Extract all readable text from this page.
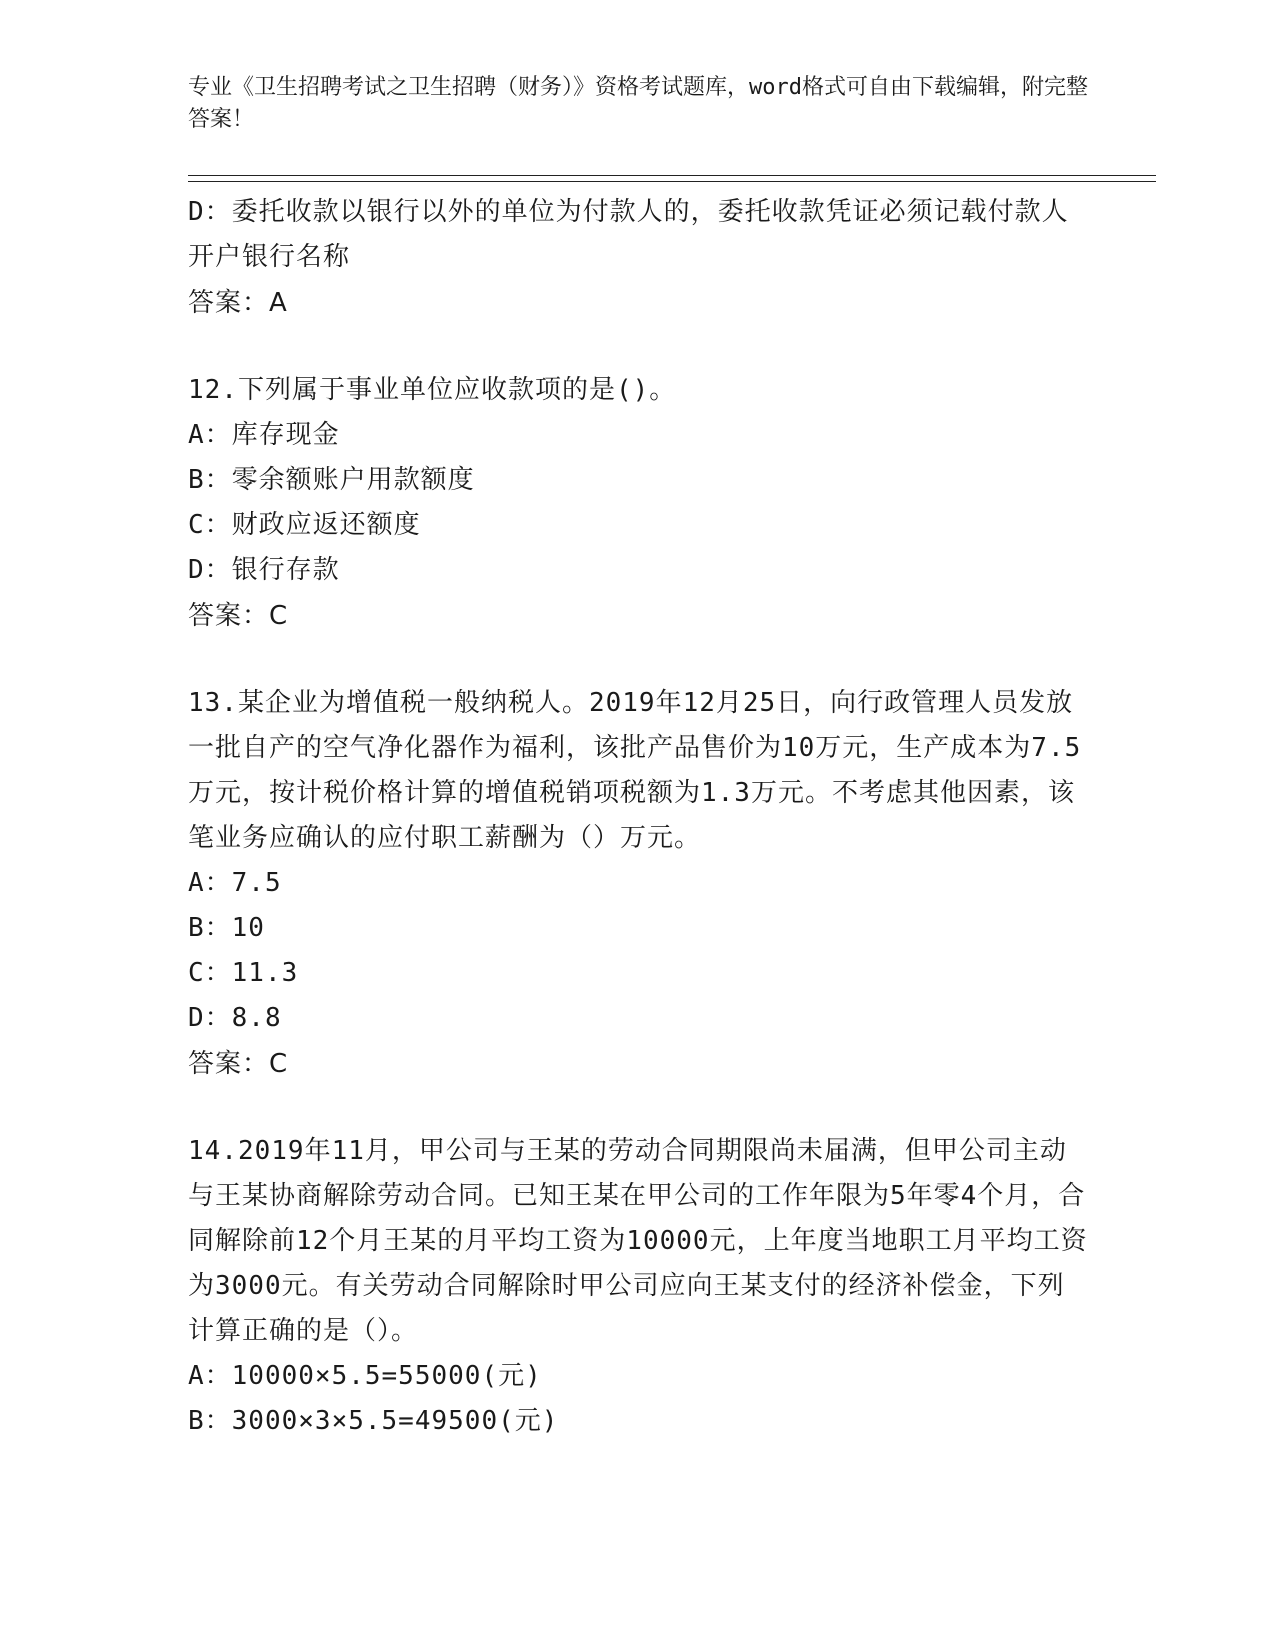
专业《卫生招聘考试之卫生招聘（财务）》资格考试题库，word格式可自由下载编辑，附完整答案！

D：委托收款以银行以外的单位为付款人的，委托收款凭证必须记载付款人开户银行名称

答案：A

12.下列属于事业单位应收款项的是()。

A：库存现金

B：零余额账户用款额度

C：财政应返还额度

D：银行存款

答案：C

13.某企业为增值税一般纳税人。2019年12月25日，向行政管理人员发放一批自产的空气净化器作为福利，该批产品售价为10万元，生产成本为7.5万元，按计税价格计算的增值税销项税额为1.3万元。不考虑其他因素，该笔业务应确认的应付职工薪酬为（）万元。

A：7.5

B：10

C：11.3

D：8.8

答案：C

14.2019年11月，甲公司与王某的劳动合同期限尚未届满，但甲公司主动与王某协商解除劳动合同。已知王某在甲公司的工作年限为5年零4个月，合同解除前12个月王某的月平均工资为10000元，上年度当地职工月平均工资为3000元。有关劳动合同解除时甲公司应向王某支付的经济补偿金，下列计算正确的是（）。

A：10000×5.5=55000(元)

B：3000×3×5.5=49500(元)
